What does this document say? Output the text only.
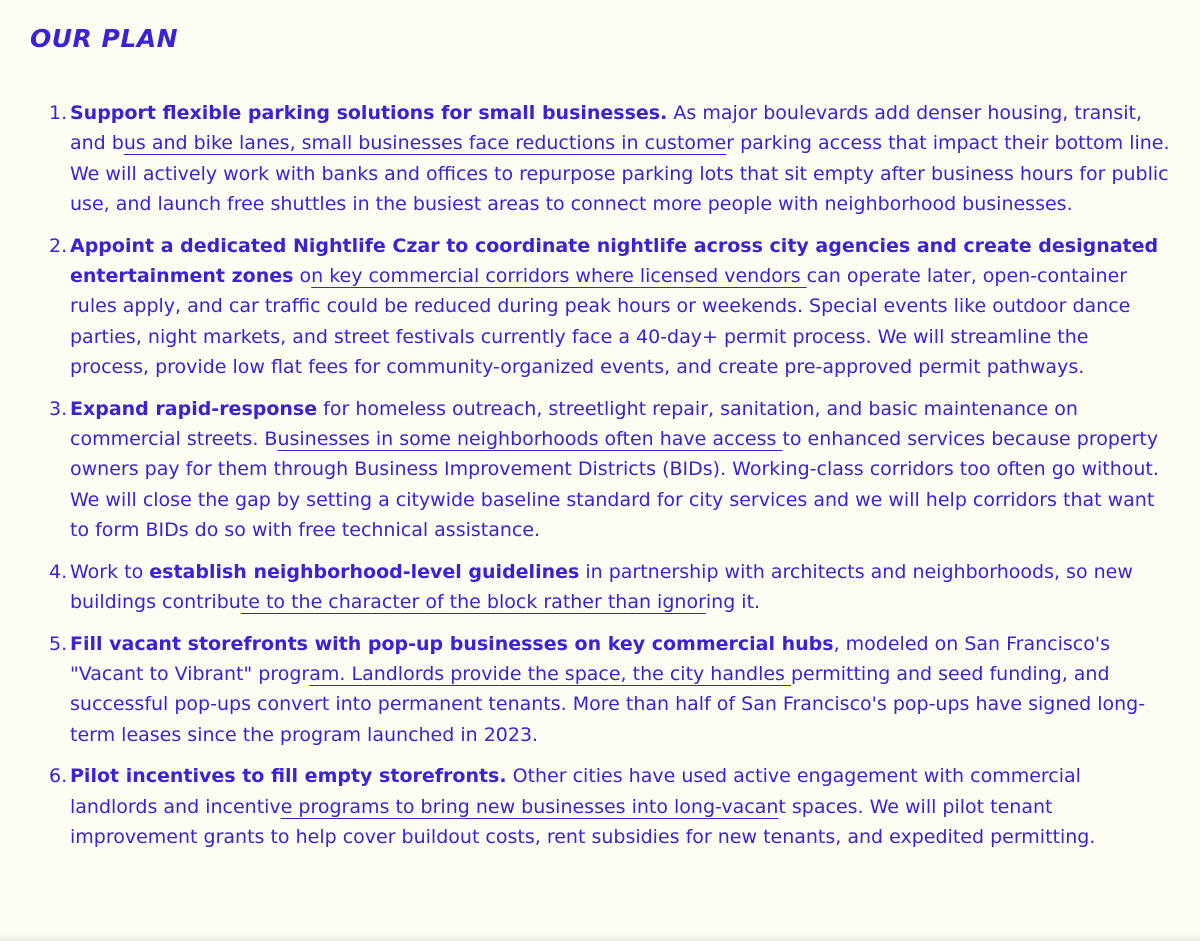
OUR PLAN
1. Support flexible parking solutions for small businesses. As major boulevards add denser housing, transit, and bus and bike lanes, small businesses face reductions in customer parking access that impact their bottom line. We will actively work with banks and offices to repurpose parking lots that sit empty after business hours for public use, and launch free shuttles in the busiest areas to connect more people with neighborhood businesses.
2. Appoint a dedicated Nightlife Czar to coordinate nightlife across city agencies and create designated entertainment zones on key commercial corridors where licensed vendors can operate later, open-container rules apply, and car traffic could be reduced during peak hours or weekends. Special events like outdoor dance parties, night markets, and street festivals currently face a 40-day+ permit process. We will streamline the process, provide low flat fees for community-organized events, and create pre-approved permit pathways.
3. Expand rapid-response for homeless outreach, streetlight repair, sanitation, and basic maintenance on commercial streets. Businesses in some neighborhoods often have access to enhanced services because property owners pay for them through Business Improvement Districts (BIDs). Working-class corridors too often go without. We will close the gap by setting a citywide baseline standard for city services and we will help corridors that want to form BIDs do so with free technical assistance.
4. Work to establish neighborhood-level guidelines in partnership with architects and neighborhoods, so new buildings contribute to the character of the block rather than ignoring it.
5. Fill vacant storefronts with pop-up businesses on key commercial hubs, modeled on San Francisco's "Vacant to Vibrant" program. Landlords provide the space, the city handles permitting and seed funding, and successful pop-ups convert into permanent tenants. More than half of San Francisco's pop-ups have signed long-term leases since the program launched in 2023.
6. Pilot incentives to fill empty storefronts. Other cities have used active engagement with commercial landlords and incentive programs to bring new businesses into long-vacant spaces. We will pilot tenant improvement grants to help cover buildout costs, rent subsidies for new tenants, and expedited permitting.
